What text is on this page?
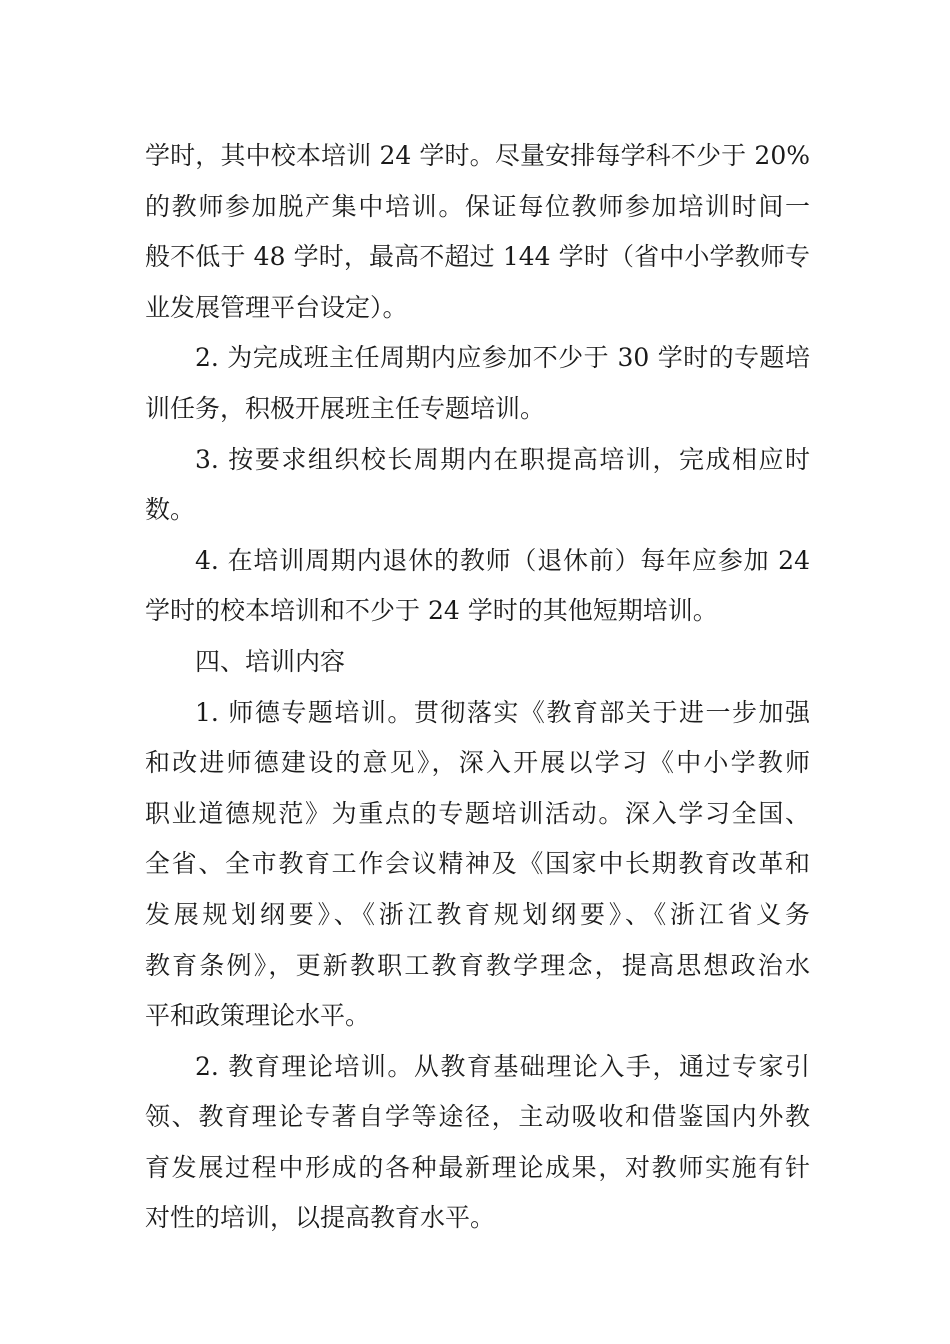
学时，其中校本培训 24 学时。尽量安排每学科不少于 20%
的教师参加脱产集中培训。保证每位教师参加培训时间一
般不低于 48 学时，最高不超过 144 学时（省中小学教师专
业发展管理平台设定）。
2. 为完成班主任周期内应参加不少于 30 学时的专题培
训任务，积极开展班主任专题培训。
3. 按要求组织校长周期内在职提高培训，完成相应时
数。
4. 在培训周期内退休的教师（退休前）每年应参加 24
学时的校本培训和不少于 24 学时的其他短期培训。
四、培训内容
1. 师德专题培训。贯彻落实《教育部关于进一步加强
和改进师德建设的意见》，深入开展以学习《中小学教师
职业道德规范》为重点的专题培训活动。深入学习全国、
全省、全市教育工作会议精神及《国家中长期教育改革和
发展规划纲要》、《浙江教育规划纲要》、《浙江省义务
教育条例》，更新教职工教育教学理念，提高思想政治水
平和政策理论水平。
2. 教育理论培训。从教育基础理论入手，通过专家引
领、教育理论专著自学等途径，主动吸收和借鉴国内外教
育发展过程中形成的各种最新理论成果，对教师实施有针
对性的培训，以提高教育水平。
